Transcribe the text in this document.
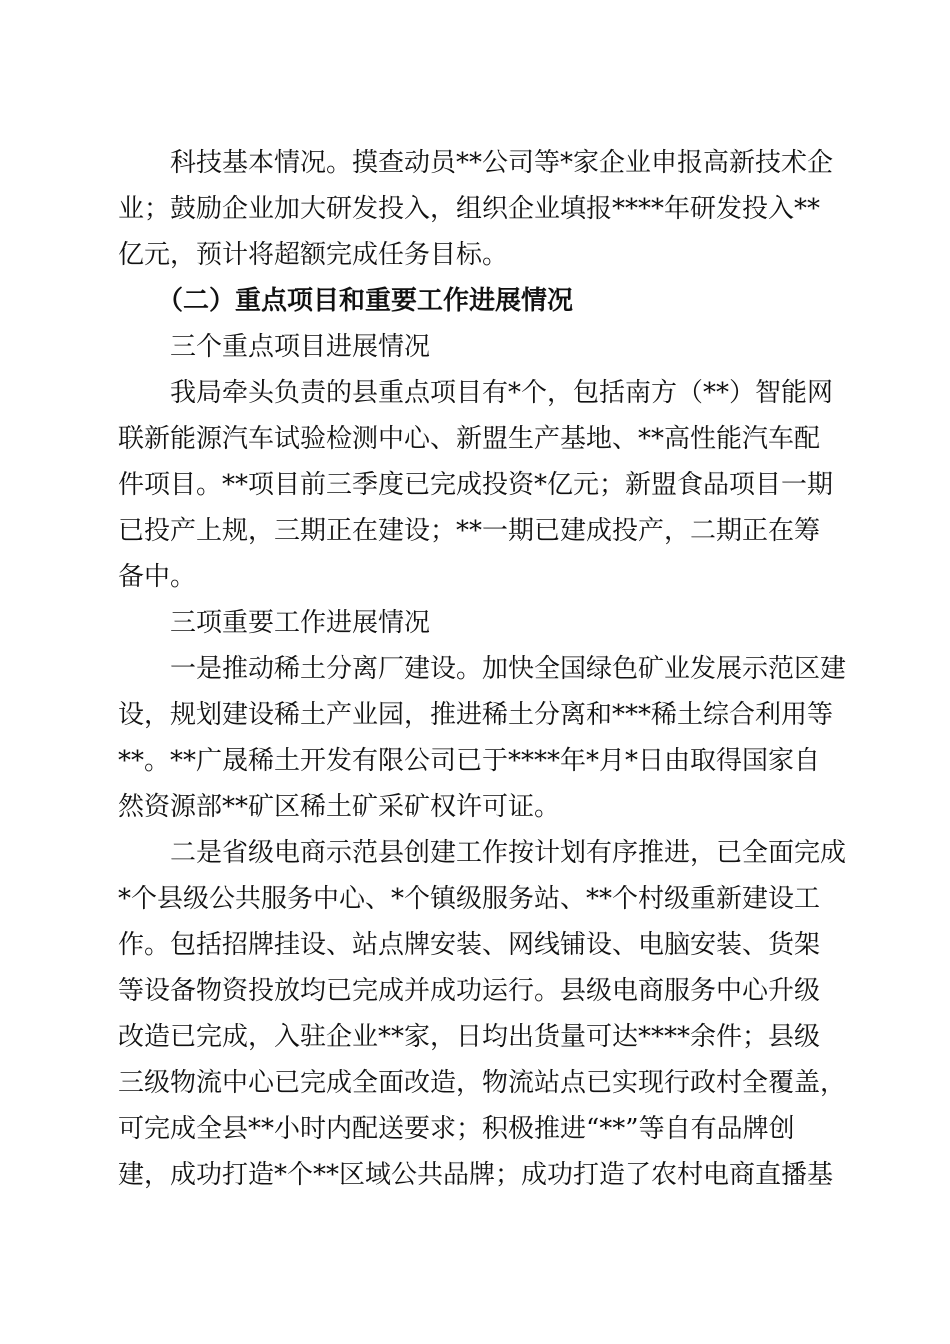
　　科技基本情况。摸查动员**公司等*家企业申报高新技术企
业；鼓励企业加大研发投入，组织企业填报****年研发投入**
亿元，预计将超额完成任务目标。
　　（二）重点项目和重要工作进展情况
　　三个重点项目进展情况
　　我局牵头负责的县重点项目有*个，包括南方（**）智能网
联新能源汽车试验检测中心、新盟生产基地、**高性能汽车配
件项目。**项目前三季度已完成投资*亿元；新盟食品项目一期
已投产上规，三期正在建设；**一期已建成投产，二期正在筹
备中。
　　三项重要工作进展情况
　　一是推动稀土分离厂建设。加快全国绿色矿业发展示范区建
设，规划建设稀土产业园，推进稀土分离和***稀土综合利用等
**。**广晟稀土开发有限公司已于****年*月*日由取得国家自
然资源部**矿区稀土矿采矿权许可证。
　　二是省级电商示范县创建工作按计划有序推进，已全面完成
*个县级公共服务中心、*个镇级服务站、**个村级重新建设工
作。包括招牌挂设、站点牌安装、网线铺设、电脑安装、货架
等设备物资投放均已完成并成功运行。县级电商服务中心升级
改造已完成，入驻企业**家，日均出货量可达****余件；县级
三级物流中心已完成全面改造，物流站点已实现行政村全覆盖，
可完成全县**小时内配送要求；积极推进“**”等自有品牌创
建，成功打造*个**区域公共品牌；成功打造了农村电商直播基
